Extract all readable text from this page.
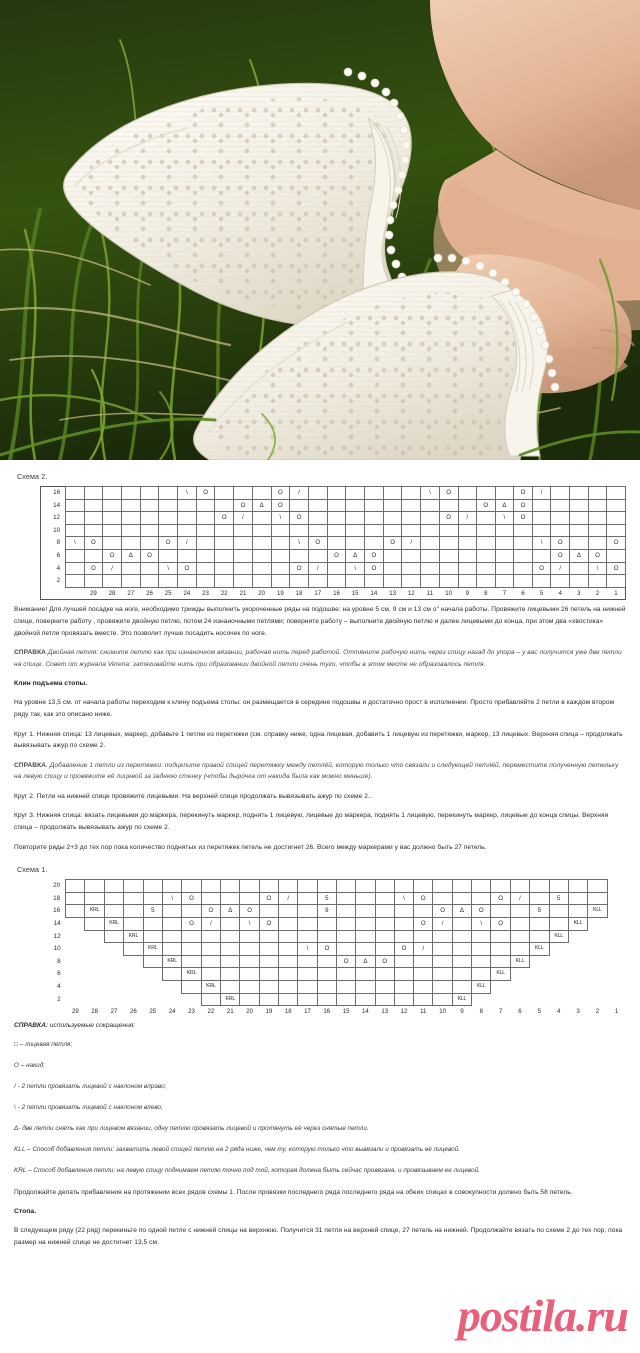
Схема 2.
16							\	O				O	/							\	O				O	/				
14										O	Δ	O											O	Δ	O					
12									O	/		\	O								O	/		\	O					
10																														
8	\	O				O	/						\	O				O	/							\	O			O
6			O	Δ	O										O	Δ	O										O	Δ	O	
4		O	/			\	O						O	/		\	O									O	/		\	O
2																														
		29	28	27	26	25	24	23	22	21	20	19	18	17	16	15	14	13	12	11	10	9	8	7	6	5	4	3	2	1

Внимание! Для лучшей посадке на ноге, необходимо трижды выполнить укороченные ряды на подошве: на уровне 5 см, 9 см и 13 см о" начала работы. Провяжите лицевыми 26 петель на нижней спице, поверните работу , провяжите двойную петлю, потом 24 изнаночными петлями; поверните работу – выполните двойную петлю и далее лицевыми до конца, при этом два «хвостика» двойной петли провязать вместе. Это позволит лучше посадить носочек по ноге.

СПРАВКА Двойная петля: снимите петлю как при изнаночном вязании, рабочая нить перед работой. Оттяните рабочую нить через спицу назад до упора – у вас получится уже две петли на спице. Совет от журнала Verena: затягивайте нить при образовании двойной петли очень туго, чтобы в этом месте не образовалось петля.

Клин подъема стопы.

На уровне 13,5 см. от начала работы переходим к клину подъема стопы: он размещается в середине подошвы и достаточно прост в исполнении. Просто прибавляйте 2 петли в каждом втором ряду так, как это описано ниже.

Круг 1. Нижняя спица: 13 лицевых, маркер, добавьте 1 петлю из перетяжки (см. справку ниже, одна лицевая, добавить 1 лицевую из перетяжки, маркер, 13 лицевых. Верхняя спица – продолжать вывязывать ажур по схеме 2.

СПРАВКА. Добавление 1 петли из перетяжки: подцепите правой спицей перетяжку между петлёй, которую только что связали и следующей петлёй, переместите полученную петельку на левую спицу и провяжите её лицевой за заднюю стенку (чтобы дырочка от накида была как можно меньше).

Круг 2. Петли на нижней спице провяжите лицевыми. На верхней спице продолжать вывязывать ажур по схеме 2..

Круг 3. Нижняя спица: вязать лицевыми до маркера, перекинуть маркер, поднять 1 лицевую, лицевые до маркера, поднять 1 лицевую, перекинуть маркер, лицевые до конца спицы. Верхняя спица – продолжать вывязывать ажур по схеме 2.

Повторите ряды 2+3 до тех пор пока количество поднятых из перетяжек петель не достигнет 26. Всего между маркерами у вас должно быть 27 петель.

Схема 1.
20																													
18						\	O				O	/		5				\	O				O	/		5			
16		KRL			5			O	Δ	O				9						O	Δ	O			5			KLL	
14			KRL				O	/		\	O								O	/		\	O				KLL		
12				KRL																						KLL			
10					KRL								\	O				O	/						KLL				
8						KRL									O	Δ	O							KLL					
6							KRL																KLL						
4								KRL														KLL							
2									KRL												KLL								
	29	28	27	26	25	24	23	22	21	20	19	18	17	16	15	14	13	12	11	10	9	8	7	6	5	4	3	2	1

СПРАВКА: используемые сокращения:

□ – лицевая петля;

О – накид;

/ - 2 петли провязать лицевой с наклоном вправо;

\ - 2 петли провязать лицевой с наклоном влево;

Δ- две петли снять как при лицевом вязании, одну петлю провязать лицевой и протянуть её через снятые петли.

KLL – Способ добавления петли: захватить левой спицей петлю на 2 ряда ниже, чем ту, которую только что вывязали и провязать её лицевой.

KRL – Способ добавления петли: на левую спицу поднимаем петлю точно под той, которая должна быть сейчас провязана, и провязываем ее лицевой.

Продолжайте делать прибавления на протяжении всех рядов схемы 1. После провязки последнего ряда последнего ряда на обеих спицах в совокупности должно быть 58 петель.

Стопа.

В следующем ряду (22 ряд) перекиньте по одной петле с нижней спицы на верхнюю. Получится 31 петля на верхней спице, 27 петель на нижней. Продолжайте вязать по схеме 2 до тех пор, пока размер на нижней спице не достигнет 13,5 см.

postila.ru
